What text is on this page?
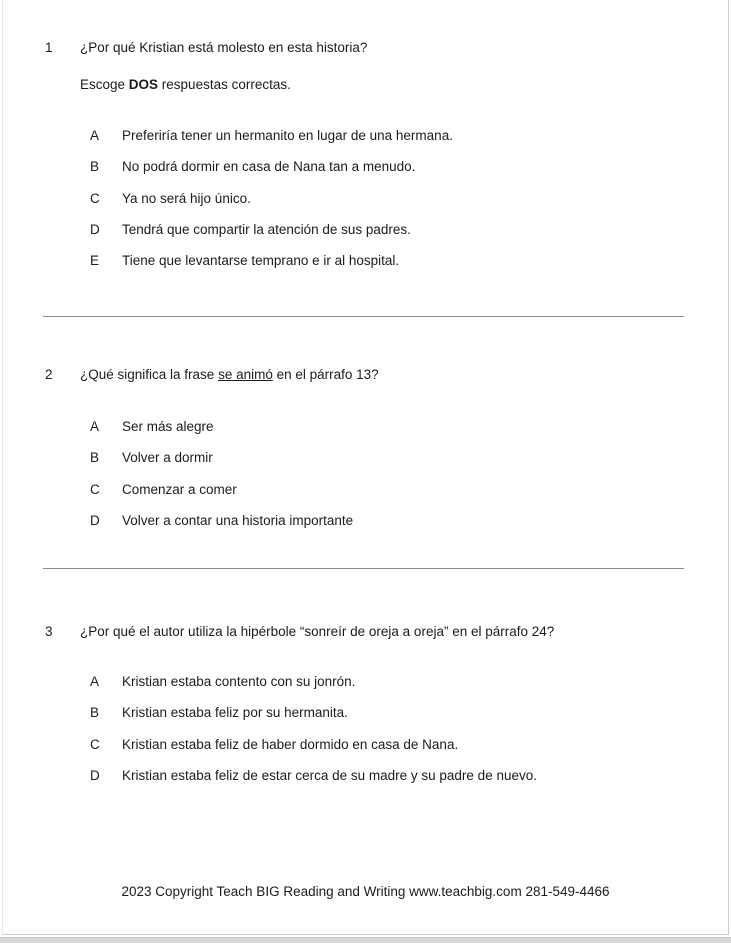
1	¿Por qué Kristian está molesto en esta historia?
Escoge DOS respuestas correctas.
A	Preferiría tener un hermanito en lugar de una hermana.
B	No podrá dormir en casa de Nana tan a menudo.
C	Ya no será hijo único.
D	Tendrá que compartir la atención de sus padres.
E	Tiene que levantarse temprano e ir al hospital.
2	¿Qué significa la frase se animó en el párrafo 13?
A	Ser más alegre
B	Volver a dormir
C	Comenzar a comer
D	Volver a contar una historia importante
3	¿Por qué el autor utiliza la hipérbole “sonreír de oreja a oreja” en el párrafo 24?
A	Kristian estaba contento con su jonrón.
B	Kristian estaba feliz por su hermanita.
C	Kristian estaba feliz de haber dormido en casa de Nana.
D	Kristian estaba feliz de estar cerca de su madre y su padre de nuevo.
2023 Copyright Teach BIG Reading and Writing www.teachbig.com 281-549-4466
